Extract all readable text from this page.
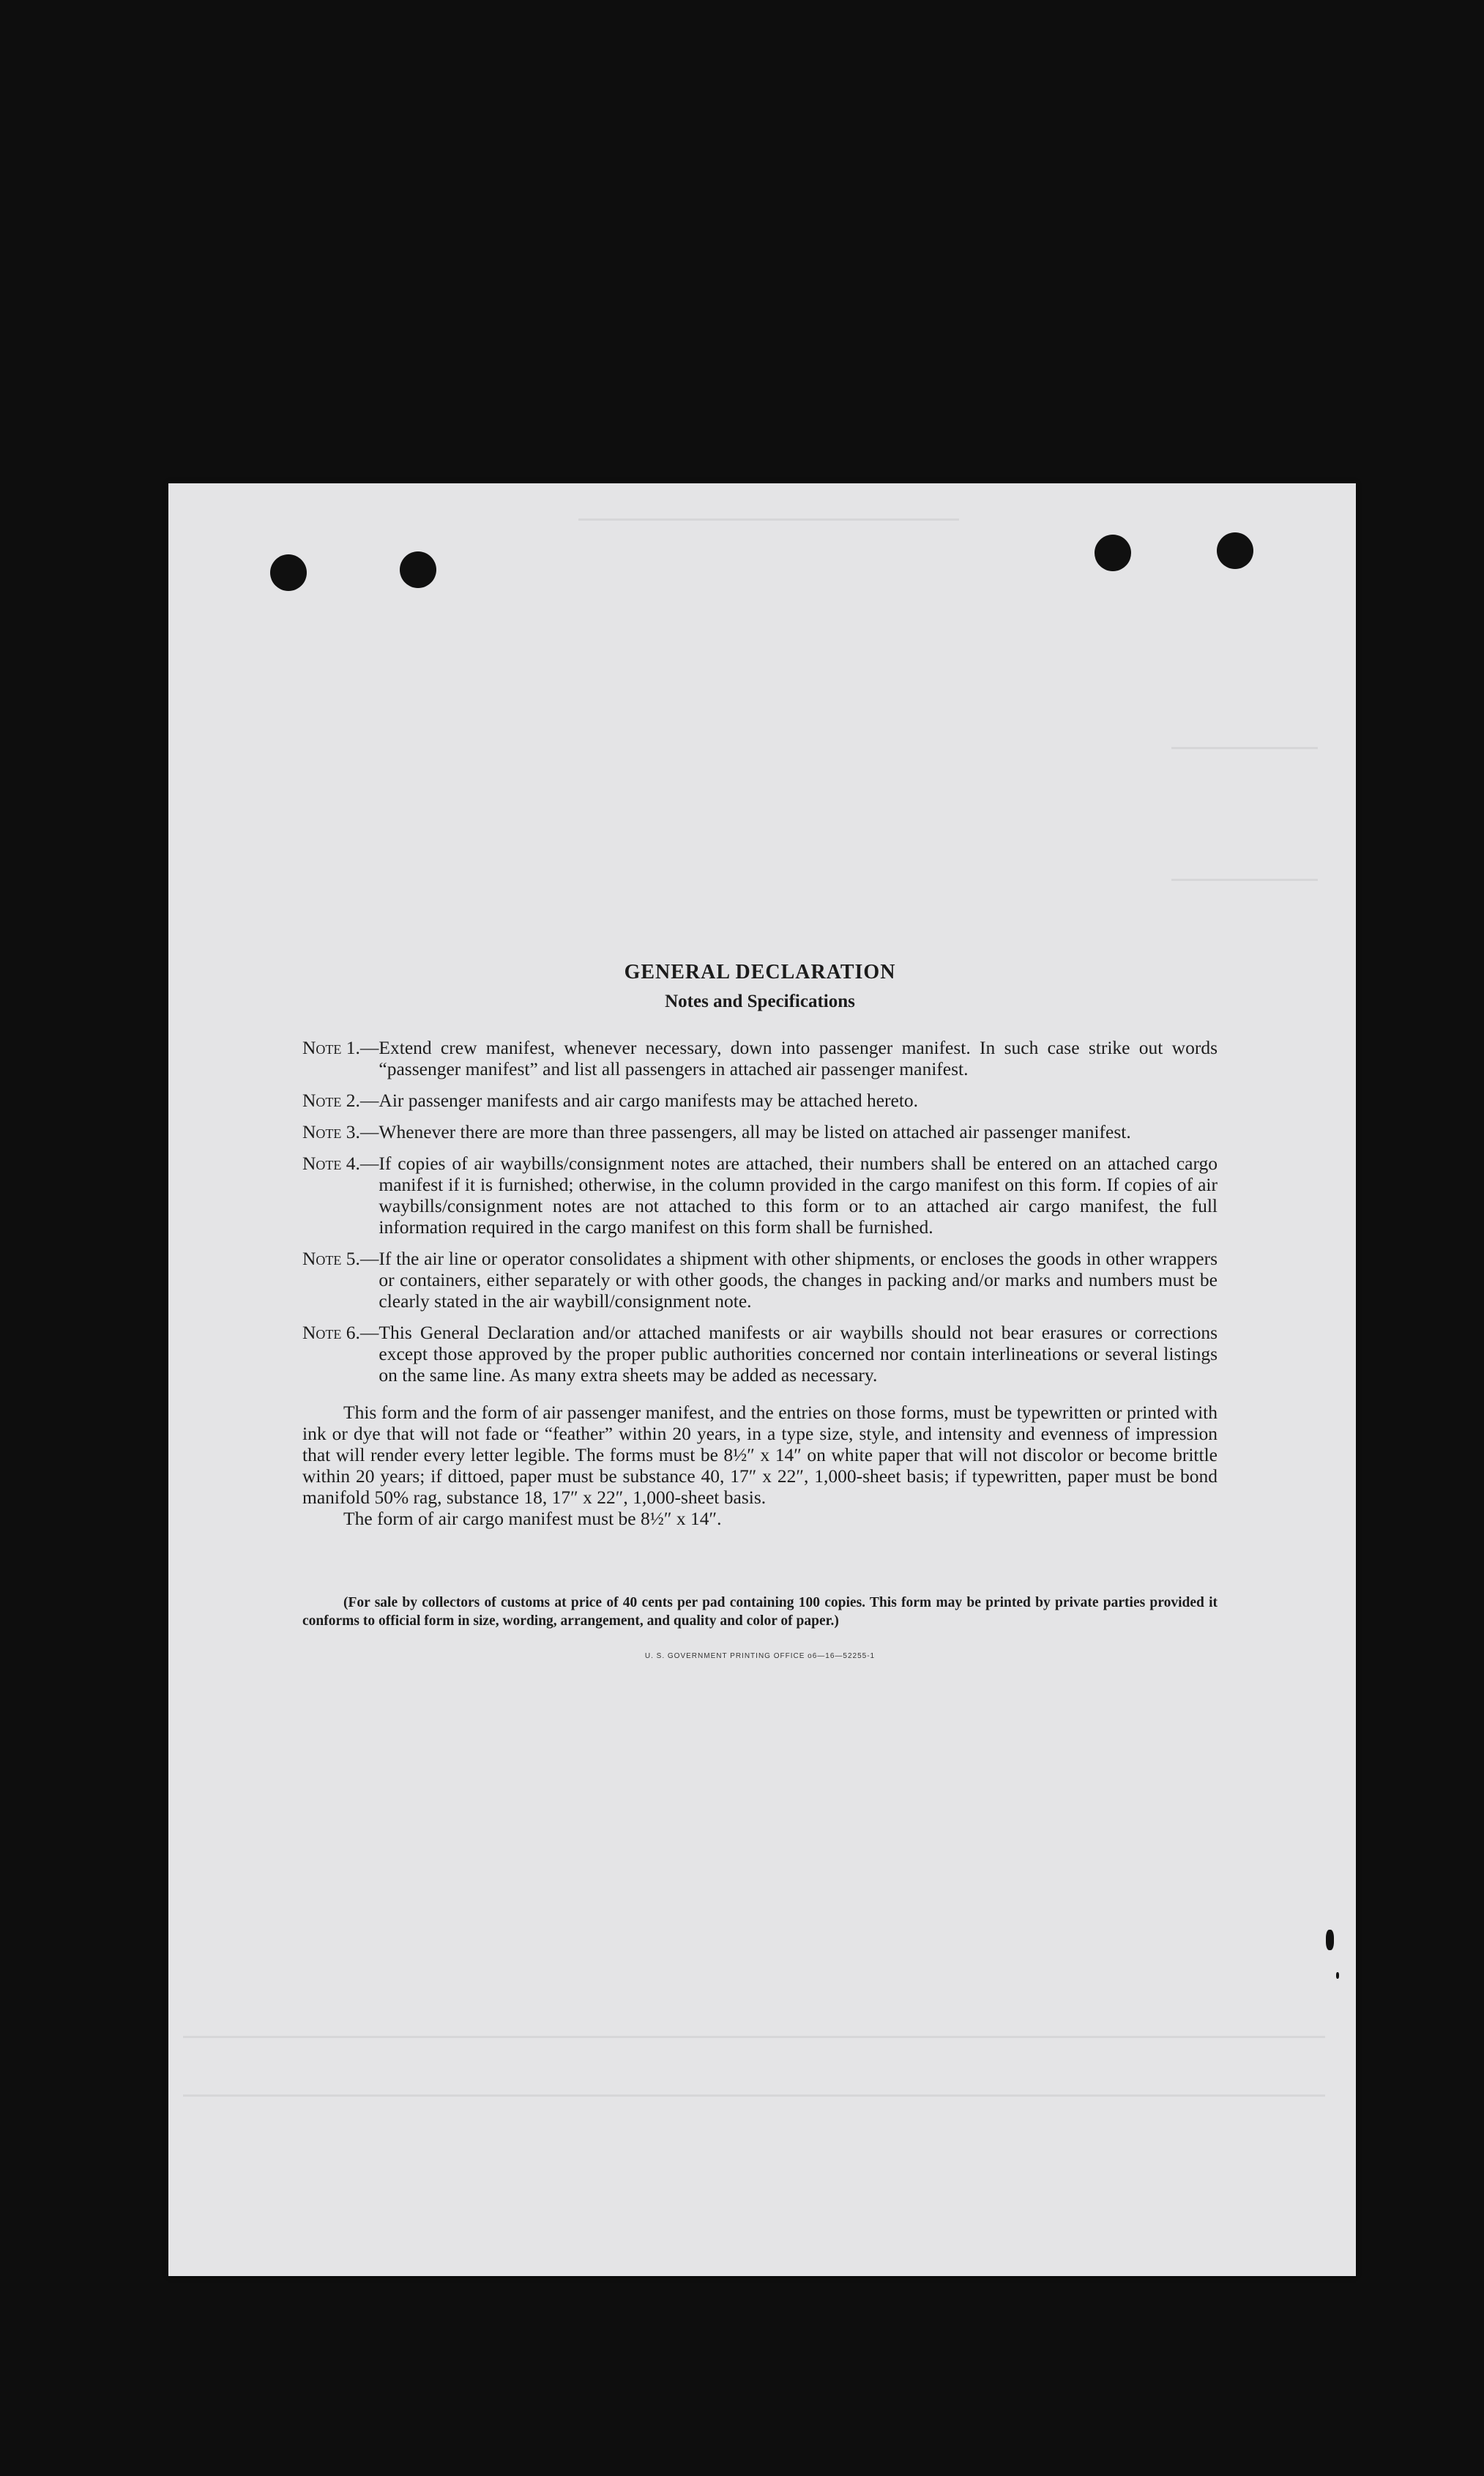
GENERAL DECLARATION
Notes and Specifications
Note 1.— Extend crew manifest, whenever necessary, down into passenger manifest. In such case strike out words “passenger manifest” and list all passengers in attached air passenger manifest.
Note 2.— Air passenger manifests and air cargo manifests may be attached hereto.
Note 3.— Whenever there are more than three passengers, all may be listed on attached air passenger manifest.
Note 4.— If copies of air waybills/consignment notes are attached, their numbers shall be entered on an attached cargo manifest if it is furnished; otherwise, in the column provided in the cargo manifest on this form. If copies of air waybills/consignment notes are not attached to this form or to an attached air cargo manifest, the full information required in the cargo manifest on this form shall be furnished.
Note 5.— If the air line or operator consolidates a shipment with other shipments, or encloses the goods in other wrappers or containers, either separately or with other goods, the changes in packing and/or marks and numbers must be clearly stated in the air waybill/consignment note.
Note 6.— This General Declaration and/or attached manifests or air waybills should not bear erasures or corrections except those approved by the proper public authorities concerned nor contain interlineations or several listings on the same line. As many extra sheets may be added as necessary.

This form and the form of air passenger manifest, and the entries on those forms, must be typewritten or printed with ink or dye that will not fade or “feather” within 20 years, in a type size, style, and intensity and evenness of impression that will render every letter legible. The forms must be 8½″ x 14″ on white paper that will not discolor or become brittle within 20 years; if dittoed, paper must be substance 40, 17″ x 22″, 1,000-sheet basis; if typewritten, paper must be bond manifold 50% rag, substance 18, 17″ x 22″, 1,000-sheet basis.

The form of air cargo manifest must be 8½″ x 14″.

(For sale by collectors of customs at price of 40 cents per pad containing 100 copies. This form may be printed by private parties provided it conforms to official form in size, wording, arrangement, and quality and color of paper.)

U. S. GOVERNMENT PRINTING OFFICE o6—16—52255-1
